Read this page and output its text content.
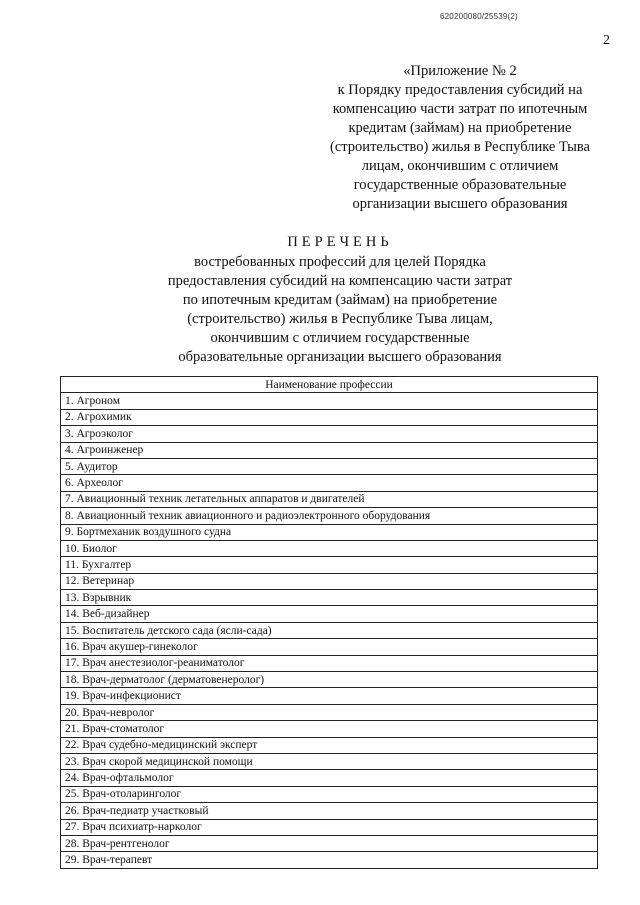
620200080/25539(2)
2
«Приложение № 2
к Порядку предоставления субсидий на
компенсацию части затрат по ипотечным
кредитам (займам) на приобретение
(строительство) жилья в Республике Тыва
лицам, окончившим с отличием
государственные образовательные
организации высшего образования
ПЕРЕЧЕНЬ
востребованных профессий для целей Порядка
предоставления субсидий на компенсацию части затрат
по ипотечным кредитам (займам) на приобретение
(строительство) жилья в Республике Тыва лицам,
окончившим с отличием государственные
образовательные организации высшего образования
Наименование профессии
1. Агроном
2. Агрохимик
3. Агроэколог
4. Агроинженер
5. Аудитор
6. Археолог
7. Авиационный техник летательных аппаратов и двигателей
8. Авиационный техник авиационного и радиоэлектронного оборудования
9. Бортмеханик воздушного судна
10. Биолог
11. Бухгалтер
12. Ветеринар
13. Взрывник
14. Веб-дизайнер
15. Воспитатель детского сада (ясли-сада)
16. Врач акушер-гинеколог
17. Врач анестезиолог-реаниматолог
18. Врач-дерматолог (дерматовенеролог)
19. Врач-инфекционист
20. Врач-невролог
21. Врач-стоматолог
22. Врач судебно-медицинский эксперт
23. Врач скорой медицинской помощи
24. Врач-офтальмолог
25. Врач-отоларинголог
26. Врач-педиатр участковый
27. Врач психиатр-нарколог
28. Врач-рентгенолог
29. Врач-терапевт
